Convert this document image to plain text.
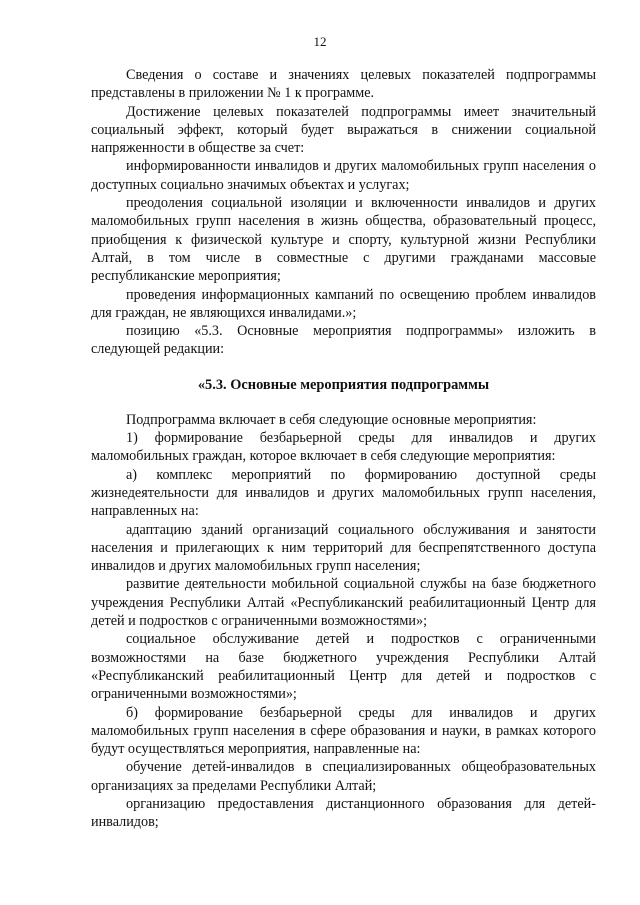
12

Сведения о составе и значениях целевых показателей подпрограммы представлены в приложении № 1 к программе.

Достижение целевых показателей подпрограммы имеет значительный социальный эффект, который будет выражаться в снижении социальной напряженности в обществе за счет:

информированности инвалидов и других маломобильных групп населения о доступных социально значимых объектах и услугах;

преодоления социальной изоляции и включенности инвалидов и других маломобильных групп населения в жизнь общества, образовательный процесс, приобщения к физической культуре и спорту, культурной жизни Республики Алтай, в том числе в совместные с другими гражданами массовые республиканские мероприятия;

проведения информационных кампаний по освещению проблем инвалидов для граждан, не являющихся инвалидами.»;

позицию «5.3. Основные мероприятия подпрограммы» изложить в следующей редакции:

«5.3. Основные мероприятия подпрограммы

Подпрограмма включает в себя следующие основные мероприятия:

1) формирование безбарьерной среды для инвалидов и других маломобильных граждан, которое включает в себя следующие мероприятия:

а) комплекс мероприятий по формированию доступной среды жизнедеятельности для инвалидов и других маломобильных групп населения, направленных на:

адаптацию зданий организаций социального обслуживания и занятости населения и прилегающих к ним территорий для беспрепятственного доступа инвалидов и других маломобильных групп населения;

развитие деятельности мобильной социальной службы на базе бюджетного учреждения Республики Алтай «Республиканский реабилитационный Центр для детей и подростков с ограниченными возможностями»;

социальное обслуживание детей и подростков с ограниченными возможностями на базе бюджетного учреждения Республики Алтай «Республиканский реабилитационный Центр для детей и подростков с ограниченными возможностями»;

б) формирование безбарьерной среды для инвалидов и других маломобильных групп населения в сфере образования и науки, в рамках которого будут осуществляться мероприятия, направленные на:

обучение детей-инвалидов в специализированных общеобразовательных организациях за пределами Республики Алтай;

организацию предоставления дистанционного образования для детей-инвалидов;
